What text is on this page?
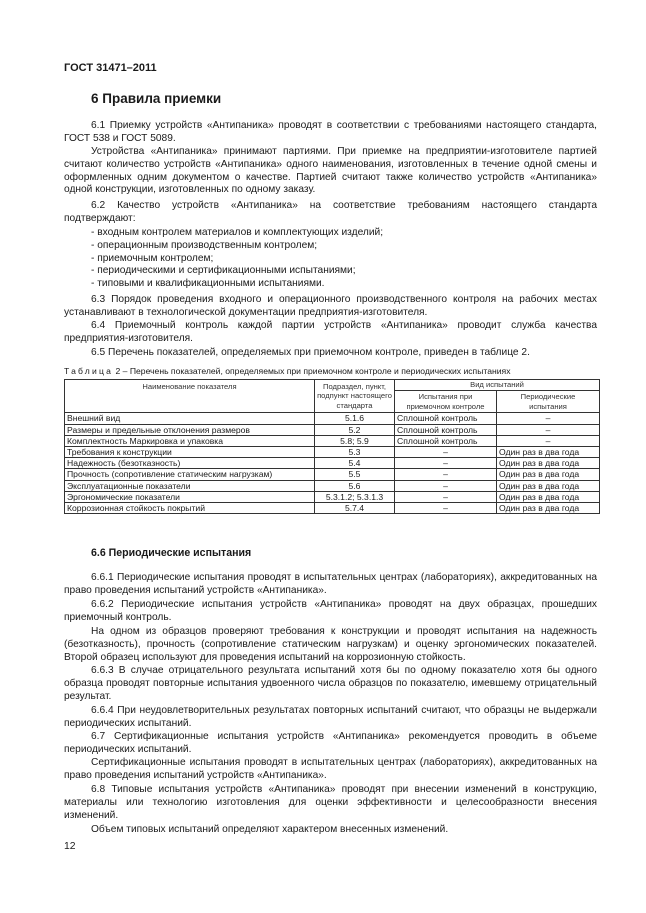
ГОСТ 31471–2011
6 Правила приемки
6.1 Приемку устройств «Антипаника» проводят в соответствии с требованиями настоящего стандарта, ГОСТ 538 и ГОСТ 5089.
Устройства «Антипаника» принимают партиями. При приемке на предприятии-изготовителе партией считают количество устройств «Антипаника» одного наименования, изготовленных в течение одной смены и оформленных одним документом о качестве. Партией считают также количество устройств «Антипаника» одной конструкции, изготовленных по одному заказу.
6.2 Качество устройств «Антипаника» на соответствие требованиям настоящего стандарта подтверждают:
- входным контролем материалов и комплектующих изделий;
- операционным производственным контролем;
- приемочным контролем;
- периодическими и сертификационными испытаниями;
- типовыми и квалификационными испытаниями.
6.3 Порядок проведения входного и операционного производственного контроля на рабочих местах устанавливают в технологической документации предприятия-изготовителя.
6.4 Приемочный контроль каждой партии устройств «Антипаника» проводит служба качества предприятия-изготовителя.
6.5 Перечень показателей, определяемых при приемочном контроле, приведен в таблице 2.
Таблица 2 – Перечень показателей, определяемых при приемочном контроле и периодических испытаниях
Наименование показателя	Подраздел, пункт, подпункт настоящего стандарта	Вид испытаний	
		Испытания при приемочном контроле	Периодические испытания
Внешний вид	5.1.6	Сплошной контроль	–
Размеры и предельные отклонения размеров	5.2	Сплошной контроль	–
Комплектность Маркировка и упаковка	5.8; 5.9	Сплошной контроль	–
Требования к конструкции	5.3	–	Один раз в два года
Надежность (безотказность)	5.4	–	Один раз в два года
Прочность (сопротивление статическим нагрузкам)	5.5	–	Один раз в два года
Эксплуатационные показатели	5.6	–	Один раз в два года
Эргономические показатели	5.3.1.2; 5.3.1.3	–	Один раз в два года
Коррозионная стойкость покрытий	5.7.4	–	Один раз в два года
6.6 Периодические испытания
6.6.1 Периодические испытания проводят в испытательных центрах (лабораториях), аккредитованных на право проведения испытаний устройств «Антипаника».
6.6.2 Периодические испытания устройств «Антипаника» проводят на двух образцах, прошедших приемочный контроль.
На одном из образцов проверяют требования к конструкции и проводят испытания на надежность (безотказность), прочность (сопротивление статическим нагрузкам) и оценку эргономических показателей. Второй образец используют для проведения испытаний на коррозионную стойкость.
6.6.3 В случае отрицательного результата испытаний хотя бы по одному показателю хотя бы одного образца проводят повторные испытания удвоенного числа образцов по показателю, имевшему отрицательный результат.
6.6.4 При неудовлетворительных результатах повторных испытаний считают, что образцы не выдержали периодических испытаний.
6.7 Сертификационные испытания устройств «Антипаника» рекомендуется проводить в объеме периодических испытаний.
Сертификационные испытания проводят в испытательных центрах (лабораториях), аккредитованных на право проведения испытаний устройств «Антипаника».
6.8 Типовые испытания устройств «Антипаника» проводят при внесении изменений в конструкцию, материалы или технологию изготовления для оценки эффективности и целесообразности внесения изменений.
Объем типовых испытаний определяют характером внесенных изменений.
12
